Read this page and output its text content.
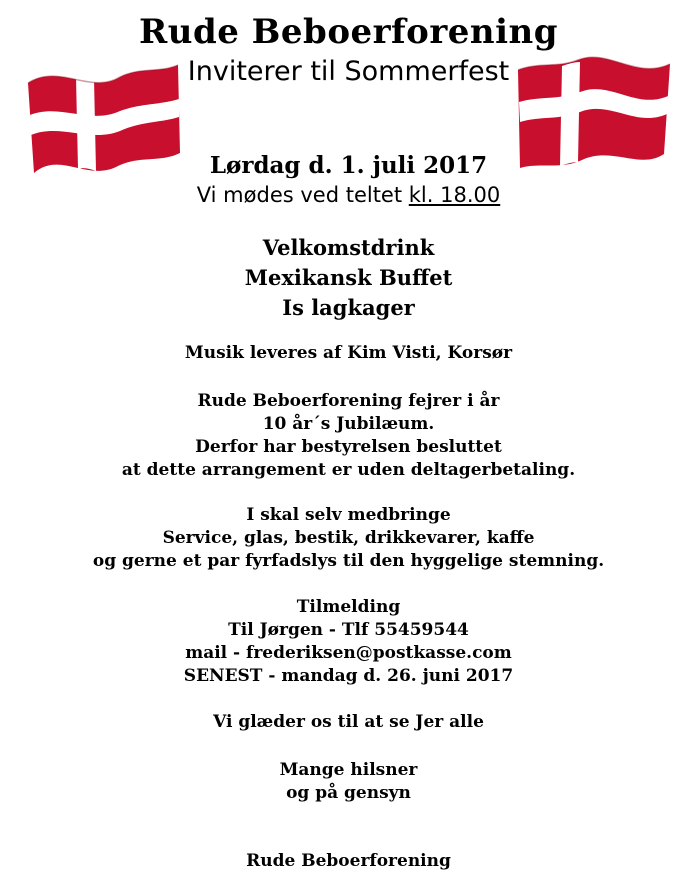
Rude Beboerforening
Inviterer til Sommerfest
Lørdag d. 1. juli 2017
Vi mødes ved teltet kl. 18.00
Velkomstdrink
Mexikansk Buffet
Is lagkager
Musik leveres af Kim Visti, Korsør
Rude Beboerforening fejrer i år
10 år´s Jubilæum.
Derfor har bestyrelsen besluttet
at dette arrangement er uden deltagerbetaling.
I skal selv medbringe
Service, glas, bestik, drikkevarer, kaffe
og gerne et par fyrfadslys til den hyggelige stemning.
Tilmelding
Til Jørgen - Tlf 55459544
mail - frederiksen@postkasse.com
SENEST - mandag d. 26. juni 2017
Vi glæder os til at se Jer alle
Mange hilsner
og på gensyn
Rude Beboerforening
